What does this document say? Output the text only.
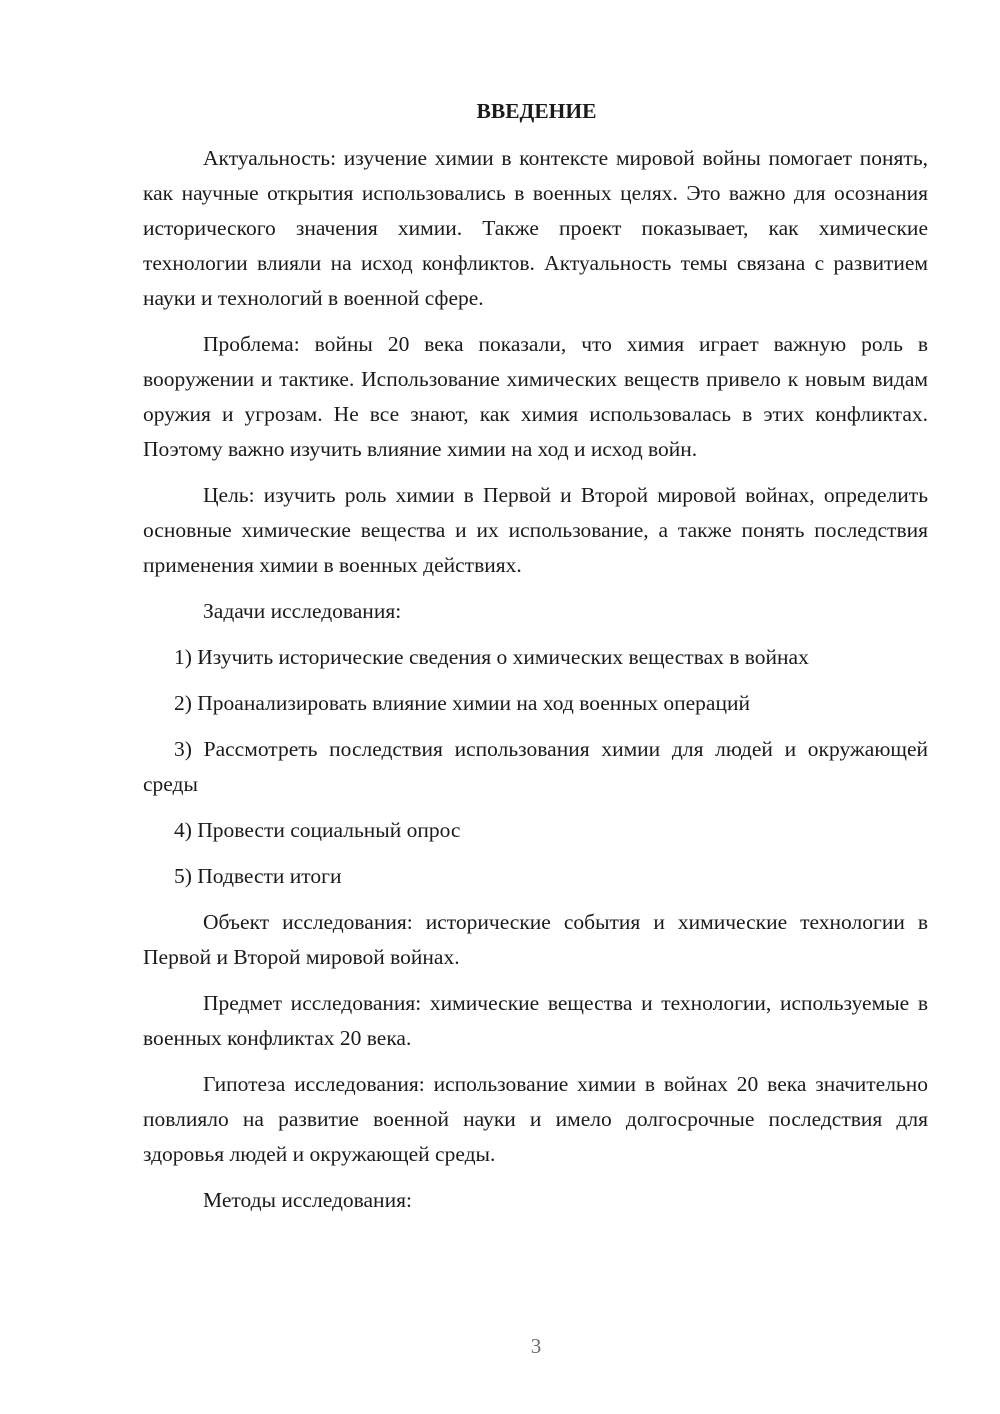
ВВЕДЕНИЕ

Актуальность: изучение химии в контексте мировой войны помогает понять, как научные открытия использовались в военных целях. Это важно для осознания исторического значения химии. Также проект показывает, как химические технологии влияли на исход конфликтов. Актуальность темы связана с развитием науки и технологий в военной сфере.

Проблема: войны 20 века показали, что химия играет важную роль в вооружении и тактике. Использование химических веществ привело к новым видам оружия и угрозам. Не все знают, как химия использовалась в этих конфликтах. Поэтому важно изучить влияние химии на ход и исход войн.

Цель: изучить роль химии в Первой и Второй мировой войнах, определить основные химические вещества и их использование, а также понять последствия применения химии в военных действиях.

Задачи исследования:

1) Изучить исторические сведения о химических веществах в войнах

2) Проанализировать влияние химии на ход военных операций

3) Рассмотреть последствия использования химии для людей и окружающей среды

4) Провести социальный опрос

5) Подвести итоги

Объект исследования: исторические события и химические технологии в Первой и Второй мировой войнах.

Предмет исследования: химические вещества и технологии, используемые в военных конфликтах 20 века.

Гипотеза исследования: использование химии в войнах 20 века значительно повлияло на развитие военной науки и имело долгосрочные последствия для здоровья людей и окружающей среды.

Методы исследования:

3
